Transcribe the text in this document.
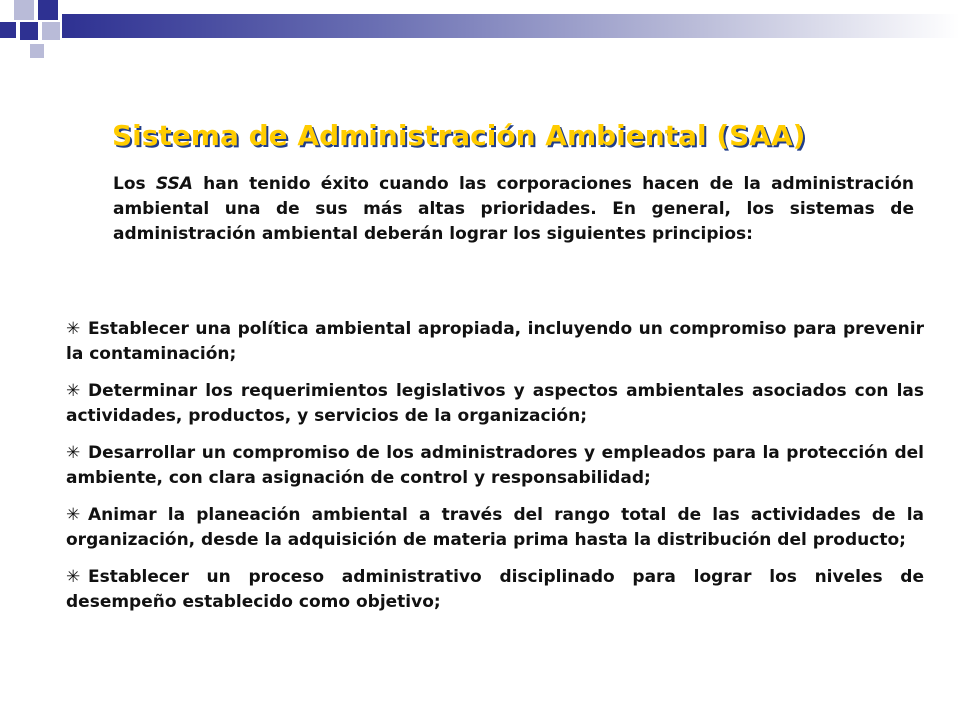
Sistema de Administración Ambiental (SAA)
Los SSA han tenido éxito cuando las corporaciones hacen de la administración ambiental una de sus más altas prioridades. En general, los sistemas de administración ambiental deberán lograr los siguientes principios:
✳ Establecer una política ambiental apropiada, incluyendo un compromiso para prevenir la contaminación;
✳ Determinar los requerimientos legislativos y aspectos ambientales asociados con las actividades, productos, y servicios de la organización;
✳ Desarrollar un compromiso de los administradores y empleados para la protección del ambiente, con clara asignación de control y responsabilidad;
✳ Animar la planeación ambiental a través del rango total de las actividades de la organización, desde la adquisición de materia prima hasta la distribución del producto;
✳ Establecer un proceso administrativo disciplinado para lograr los niveles de desempeño establecido como objetivo;
